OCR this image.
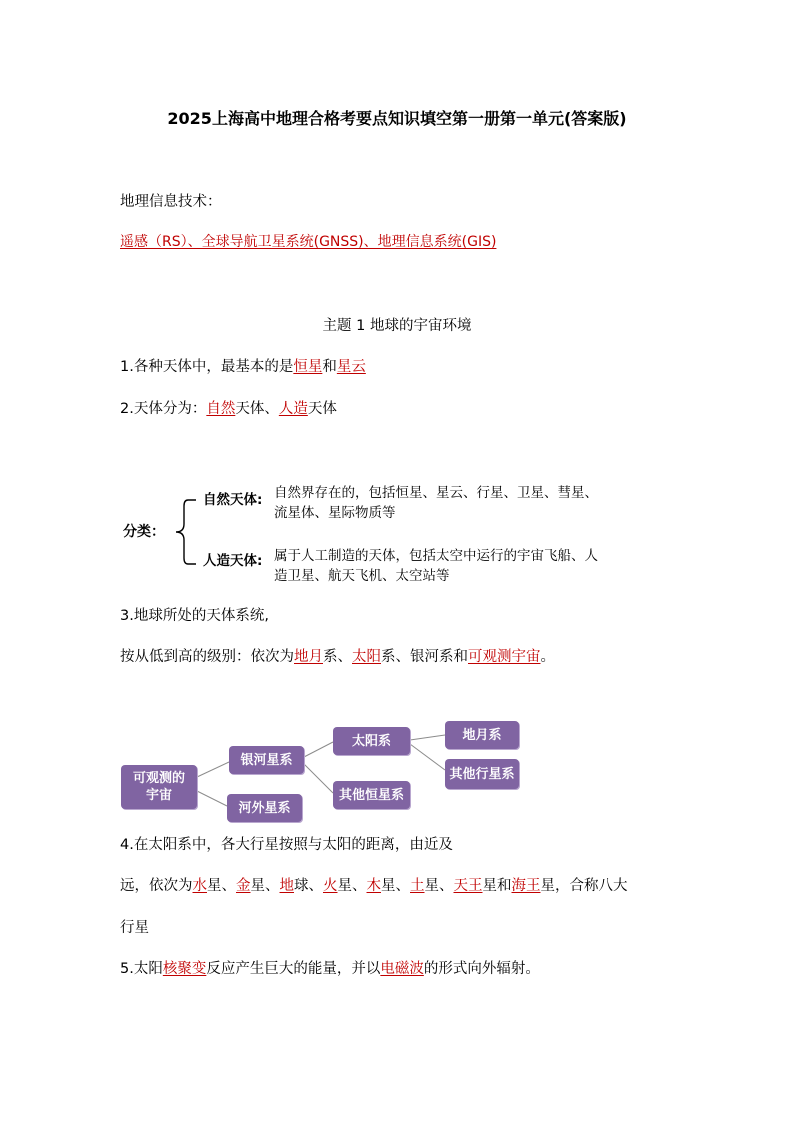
2025上海高中地理合格考要点知识填空第一册第一单元(答案版)
地理信息技术：
遥感（RS）、全球导航卫星系统(GNSS)、地理信息系统(GIS)
主题 1 地球的宇宙环境
1.各种天体中，最基本的是恒星和星云
2.天体分为：自然天体、人造天体
分类：
自然天体: 自然界存在的，包括恒星、星云、行星、卫星、彗星、
流星体、星际物质等
人造天体: 属于人工制造的天体，包括太空中运行的宇宙飞船、人
造卫星、航天飞机、太空站等
3.地球所处的天体系统,
按从低到高的级别：依次为地月系、太阳系、银河系和可观测宇宙。
可观测的宇宙
银河星系
河外星系
太阳系
其他恒星系
地月系
其他行星系
4.在太阳系中，各大行星按照与太阳的距离，由近及
远，依次为水星、金星、地球、火星、木星、土星、天王星和海王星，合称八大
行星
5.太阳核聚变反应产生巨大的能量，并以电磁波的形式向外辐射。
